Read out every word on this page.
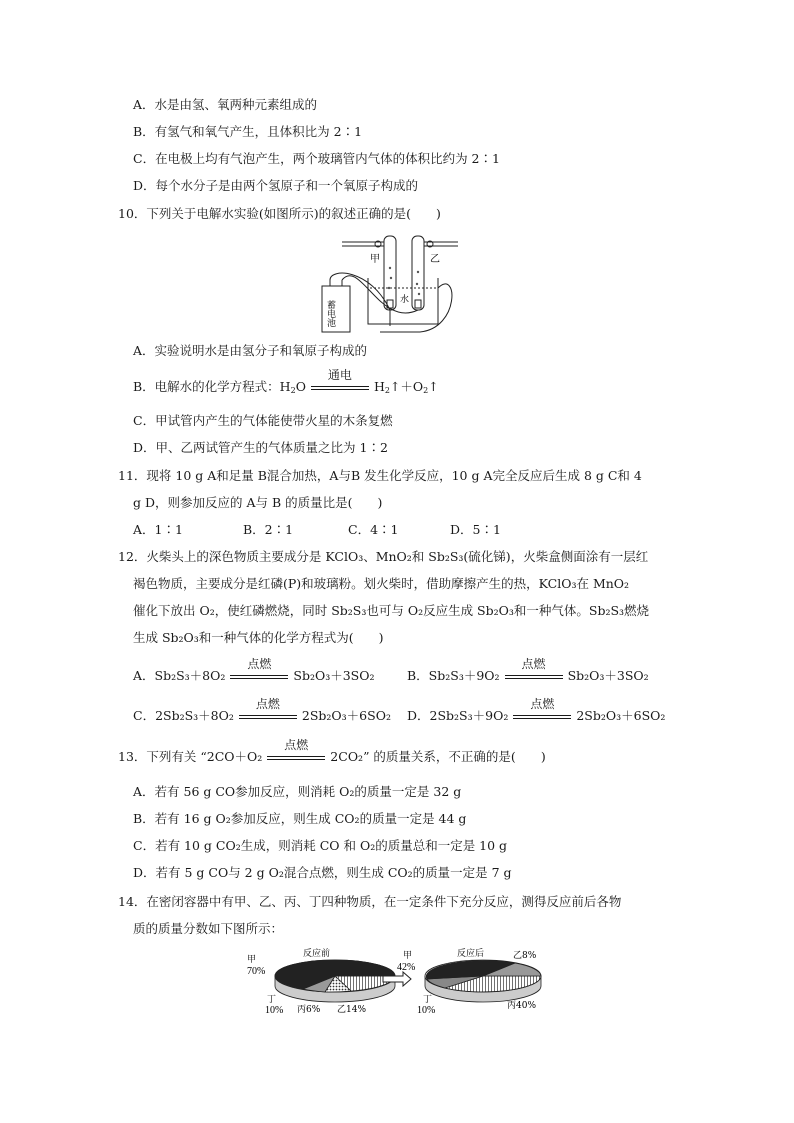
A．水是由氢、氧两种元素组成的
B．有氢气和氧气产生，且体积比为 2∶1
C．在电极上均有气泡产生，两个玻璃管内气体的体积比约为 2∶1
D．每个水分子是由两个氢原子和一个氧原子构成的
10．下列关于电解水实验(如图所示)的叙述正确的是(　　)
甲	乙
水
蓄电池
A．实验说明水是由氢分子和氧原子构成的
B．电解水的化学方程式：$H_2O$
通电
$H_2↑+O_2↑$
C．甲试管内产生的气体能使带火星的木条复燃
D．甲、乙两试管产生的气体质量之比为 1∶2
11．现将 10 g A和足量 B混合加热，A与B 发生化学反应，10 g A完全反应后生成 8 g C和 4
g D，则参加反应的 A与 B 的质量比是(　　)
A．1∶1	B．2∶1	C．4∶1	D．5∶1
12．火柴头上的深色物质主要成分是 KClO₃、MnO₂和 Sb₂S₃(硫化锑)，火柴盒侧面涂有一层红
褐色物质，主要成分是红磷(P)和玻璃粉。划火柴时，借助摩擦产生的热，KClO₃在 MnO₂
催化下放出 O₂，使红磷燃烧，同时 Sb₂S₃也可与 O₂反应生成 Sb₂O₃和一种气体。Sb₂S₃燃烧
生成 Sb₂O₃和一种气体的化学方程式为(　　)
A．Sb₂S₃＋8O₂
点燃
Sb₂O₃＋3SO₂	B．Sb₂S₃＋9O₂
点燃
Sb₂O₃＋3SO₂
C．2Sb₂S₃＋8O₂
点燃
2Sb₂O₃＋6SO₂ D．2Sb₂S₃＋9O₂
点燃
2Sb₂O₃＋6SO₂
13．下列有关 “2CO＋O₂
点燃
2CO₂” 的质量关系，不正确的是(　　)
A．若有 56 g CO参加反应，则消耗 O₂的质量一定是 32 g
B．若有 16 g O₂参加反应，则生成 CO₂的质量一定是 44 g
C．若有 10 g CO₂生成，则消耗 CO 和 O₂的质量总和一定是 10 g
D．若有 5 g CO与 2 g O₂混合点燃，则生成 CO₂的质量一定是 7 g
14．在密闭容器中有甲、乙、丙、丁四种物质，在一定条件下充分反应，测得反应前后各物
质的质量分数如下图所示：
反应前
甲
70%
丁
10% 丙6% 乙14%
反应后
甲
42%
乙8%
丁
10%	丙40%
